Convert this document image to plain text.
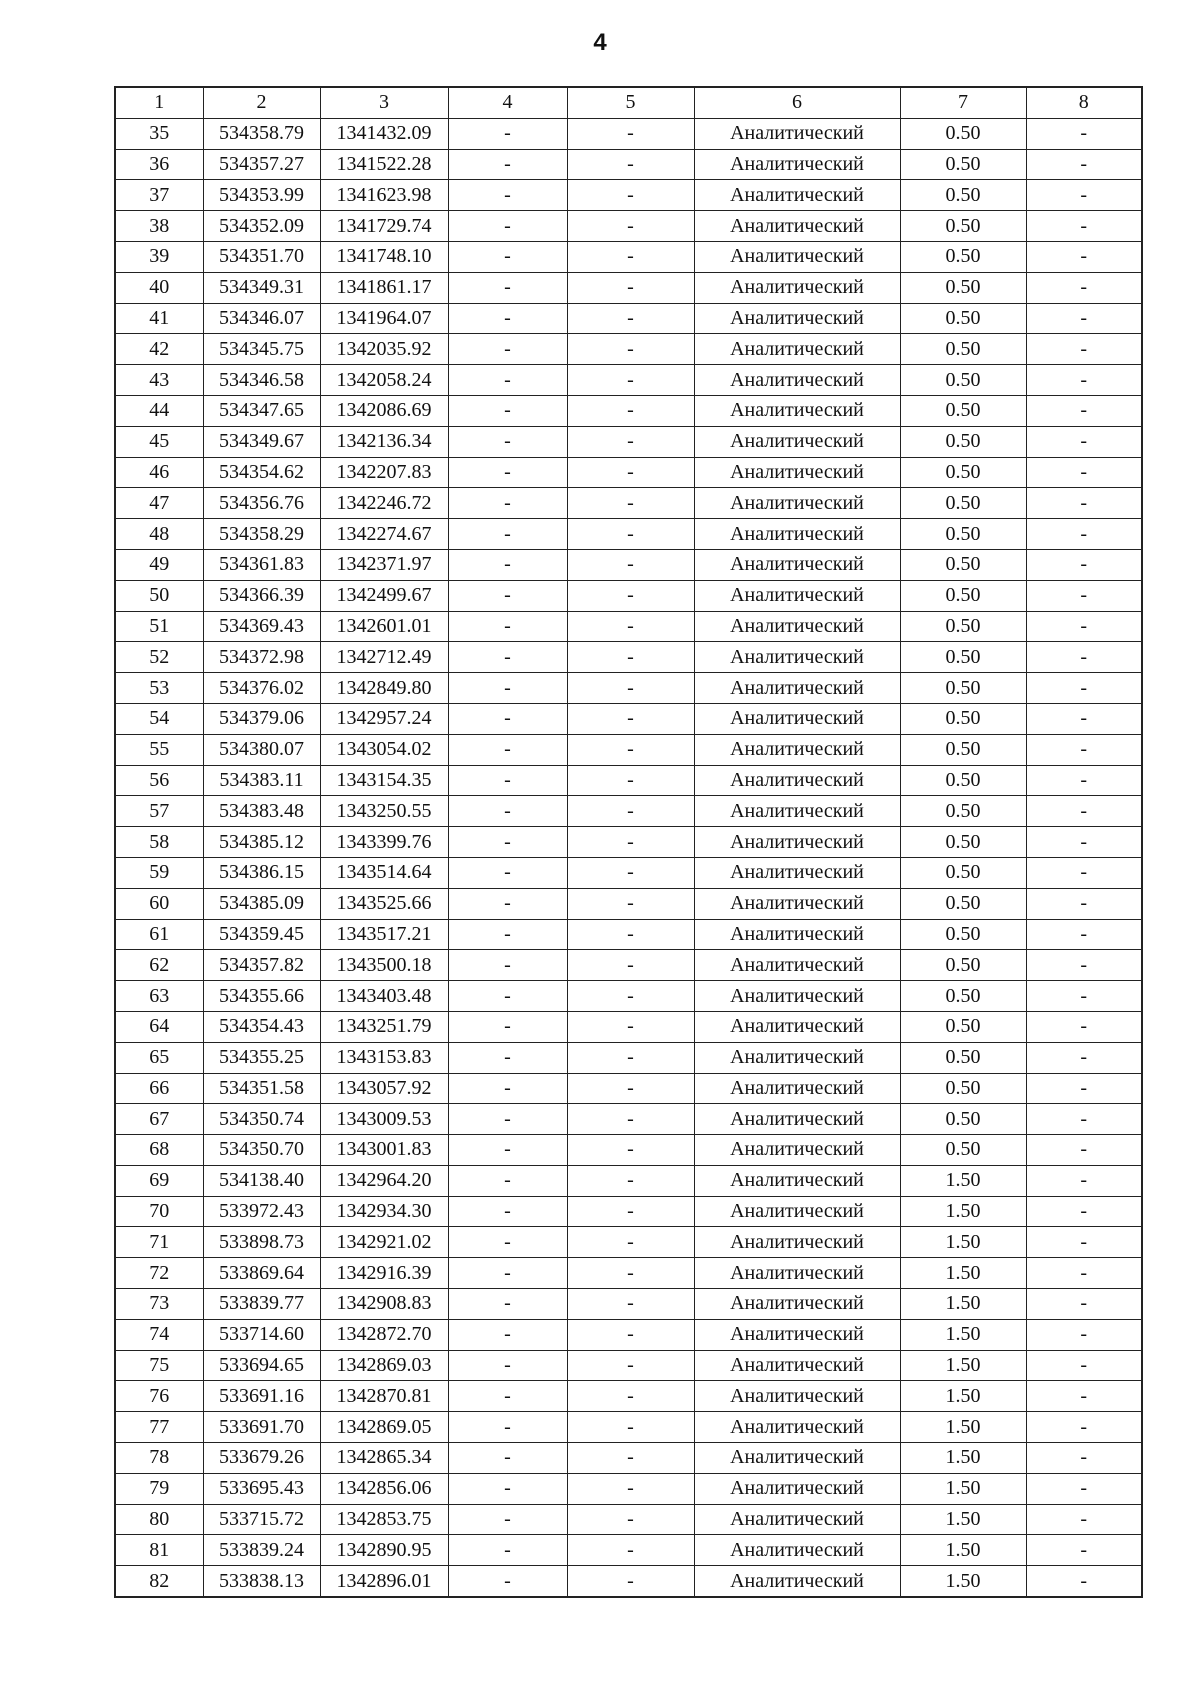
4
1	2	3	4	5	6	7	8
35	534358.79	1341432.09	-	-	Аналитический	0.50	-
36	534357.27	1341522.28	-	-	Аналитический	0.50	-
37	534353.99	1341623.98	-	-	Аналитический	0.50	-
38	534352.09	1341729.74	-	-	Аналитический	0.50	-
39	534351.70	1341748.10	-	-	Аналитический	0.50	-
40	534349.31	1341861.17	-	-	Аналитический	0.50	-
41	534346.07	1341964.07	-	-	Аналитический	0.50	-
42	534345.75	1342035.92	-	-	Аналитический	0.50	-
43	534346.58	1342058.24	-	-	Аналитический	0.50	-
44	534347.65	1342086.69	-	-	Аналитический	0.50	-
45	534349.67	1342136.34	-	-	Аналитический	0.50	-
46	534354.62	1342207.83	-	-	Аналитический	0.50	-
47	534356.76	1342246.72	-	-	Аналитический	0.50	-
48	534358.29	1342274.67	-	-	Аналитический	0.50	-
49	534361.83	1342371.97	-	-	Аналитический	0.50	-
50	534366.39	1342499.67	-	-	Аналитический	0.50	-
51	534369.43	1342601.01	-	-	Аналитический	0.50	-
52	534372.98	1342712.49	-	-	Аналитический	0.50	-
53	534376.02	1342849.80	-	-	Аналитический	0.50	-
54	534379.06	1342957.24	-	-	Аналитический	0.50	-
55	534380.07	1343054.02	-	-	Аналитический	0.50	-
56	534383.11	1343154.35	-	-	Аналитический	0.50	-
57	534383.48	1343250.55	-	-	Аналитический	0.50	-
58	534385.12	1343399.76	-	-	Аналитический	0.50	-
59	534386.15	1343514.64	-	-	Аналитический	0.50	-
60	534385.09	1343525.66	-	-	Аналитический	0.50	-
61	534359.45	1343517.21	-	-	Аналитический	0.50	-
62	534357.82	1343500.18	-	-	Аналитический	0.50	-
63	534355.66	1343403.48	-	-	Аналитический	0.50	-
64	534354.43	1343251.79	-	-	Аналитический	0.50	-
65	534355.25	1343153.83	-	-	Аналитический	0.50	-
66	534351.58	1343057.92	-	-	Аналитический	0.50	-
67	534350.74	1343009.53	-	-	Аналитический	0.50	-
68	534350.70	1343001.83	-	-	Аналитический	0.50	-
69	534138.40	1342964.20	-	-	Аналитический	1.50	-
70	533972.43	1342934.30	-	-	Аналитический	1.50	-
71	533898.73	1342921.02	-	-	Аналитический	1.50	-
72	533869.64	1342916.39	-	-	Аналитический	1.50	-
73	533839.77	1342908.83	-	-	Аналитический	1.50	-
74	533714.60	1342872.70	-	-	Аналитический	1.50	-
75	533694.65	1342869.03	-	-	Аналитический	1.50	-
76	533691.16	1342870.81	-	-	Аналитический	1.50	-
77	533691.70	1342869.05	-	-	Аналитический	1.50	-
78	533679.26	1342865.34	-	-	Аналитический	1.50	-
79	533695.43	1342856.06	-	-	Аналитический	1.50	-
80	533715.72	1342853.75	-	-	Аналитический	1.50	-
81	533839.24	1342890.95	-	-	Аналитический	1.50	-
82	533838.13	1342896.01	-	-	Аналитический	1.50	-
